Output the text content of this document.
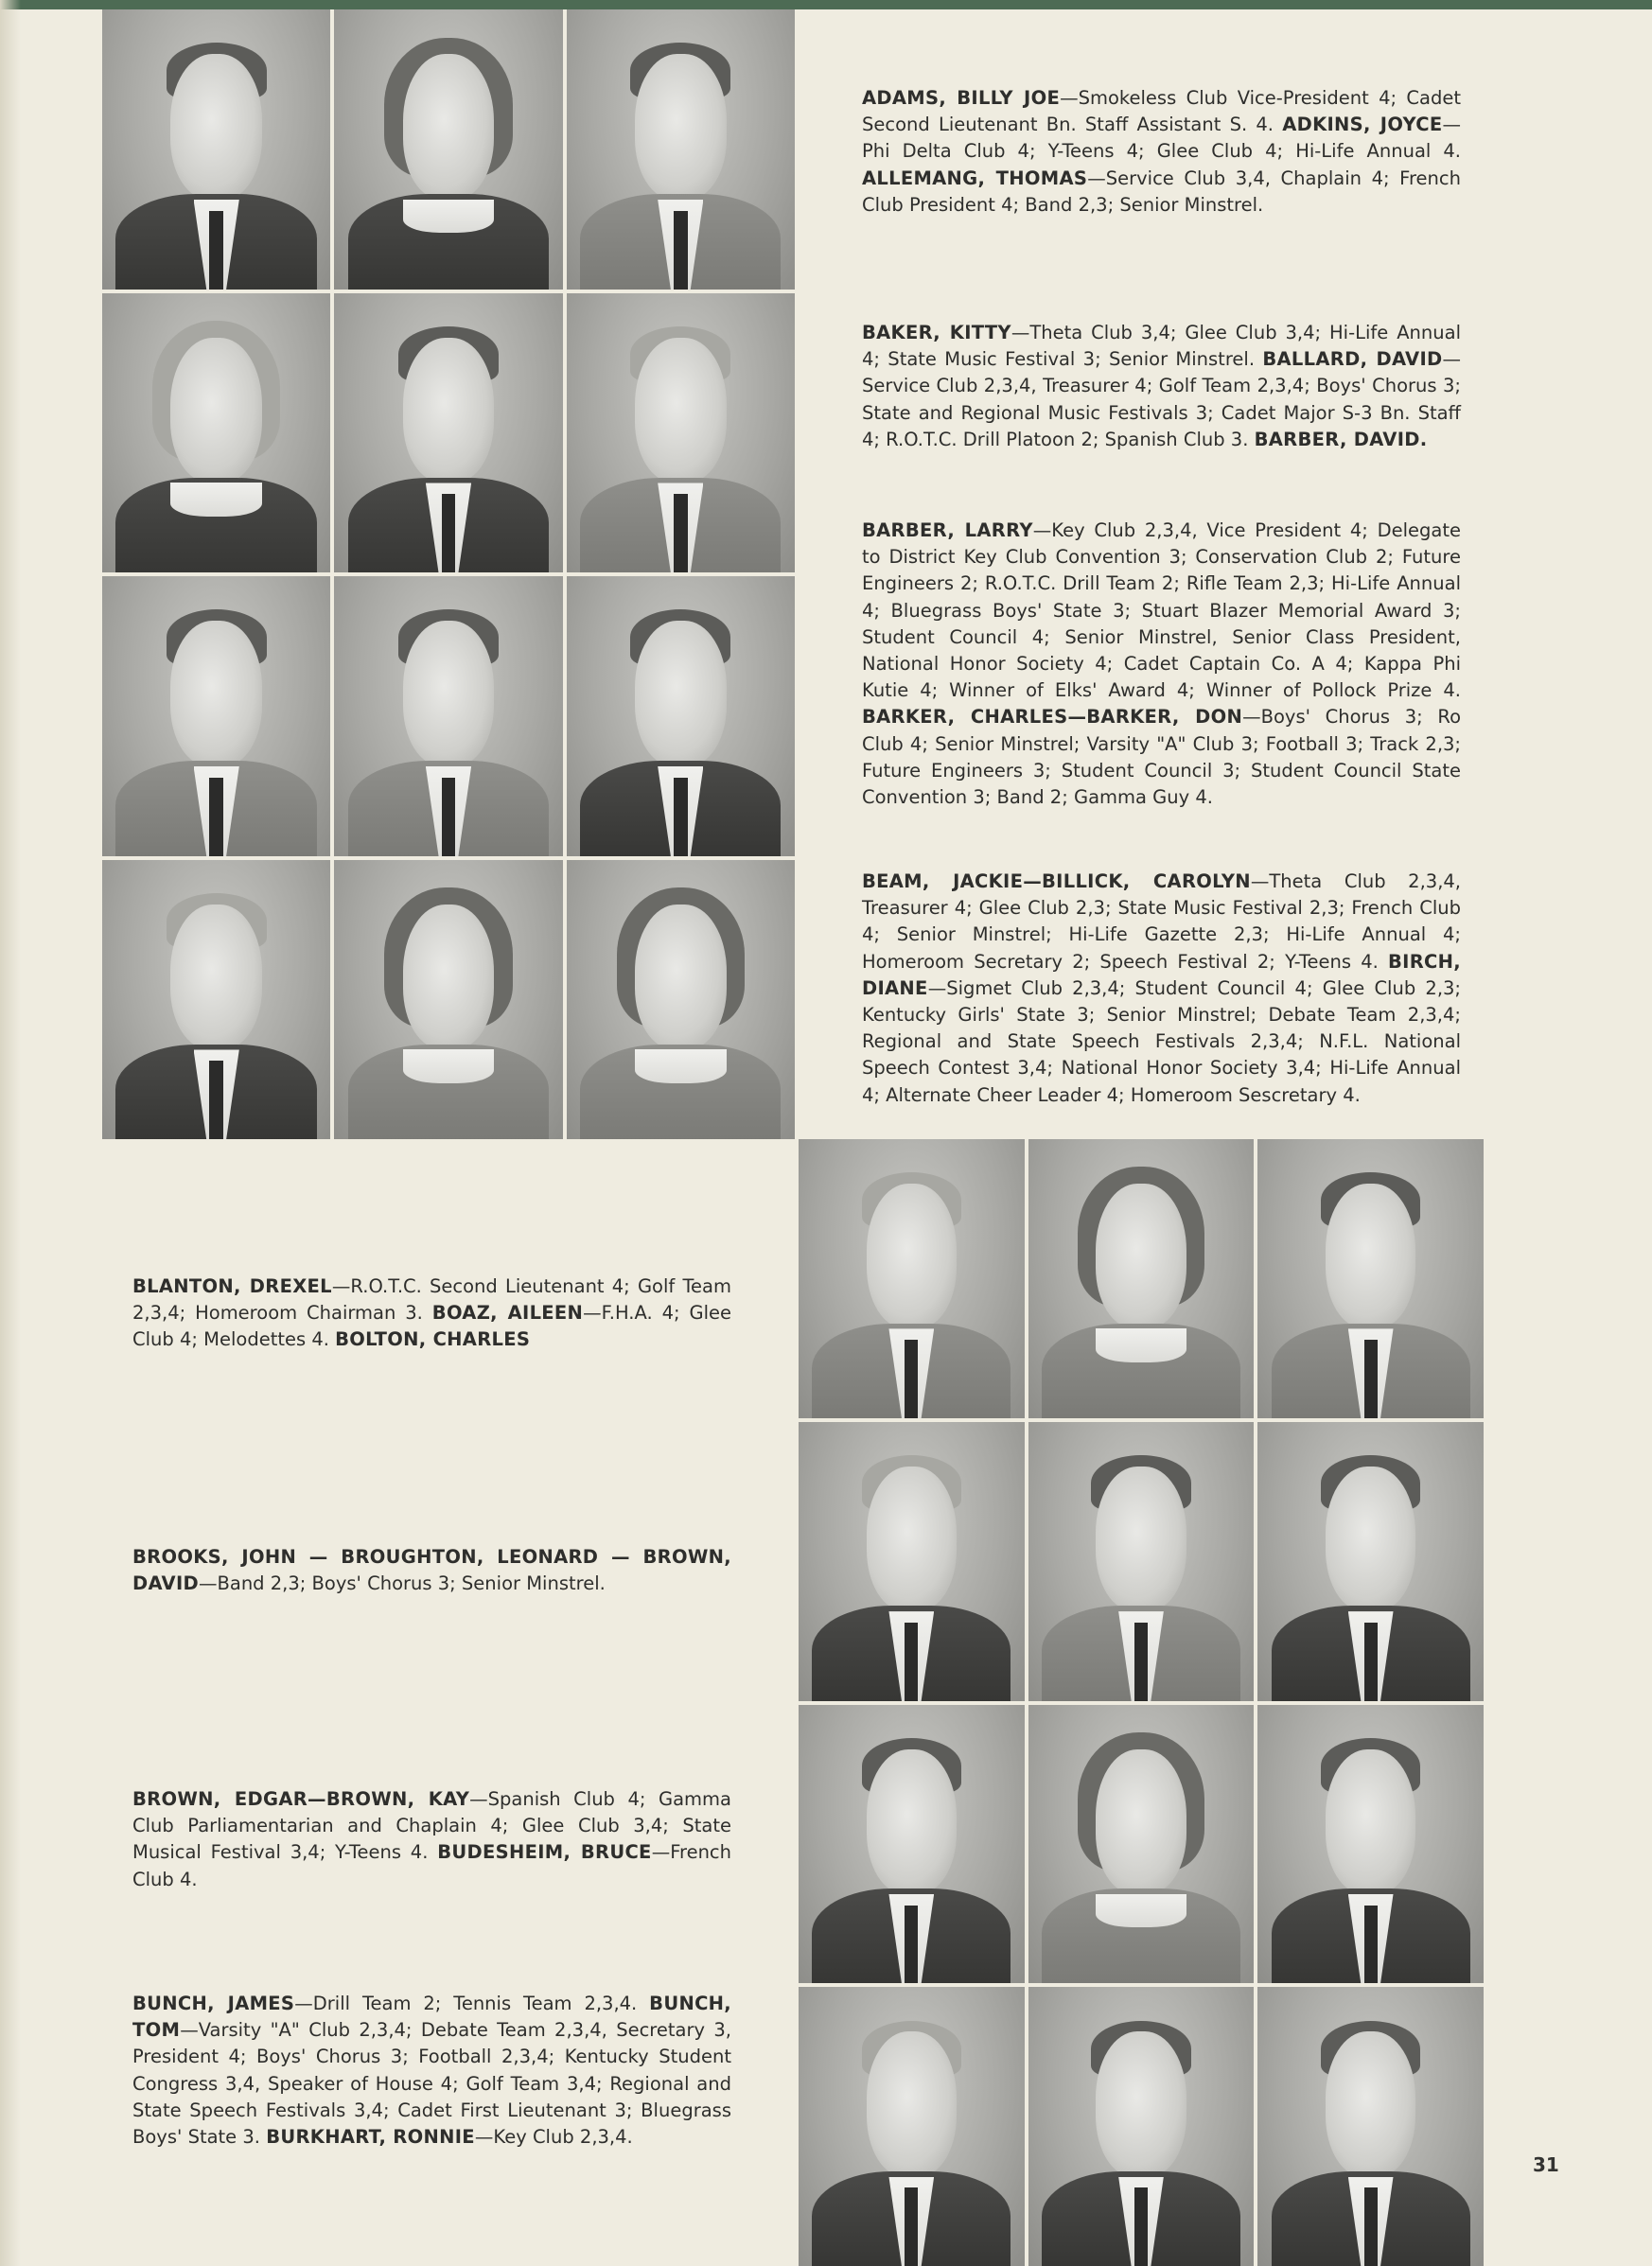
ADAMS, BILLY JOE—Smokeless Club Vice-President 4; Cadet Second Lieutenant Bn. Staff Assistant S. 4. ADKINS, JOYCE—Phi Delta Club 4; Y-Teens 4; Glee Club 4; Hi-Life Annual 4. ALLEMANG, THOMAS—Service Club 3,4, Chaplain 4; French Club President 4; Band 2,3; Senior Minstrel.
BAKER, KITTY—Theta Club 3,4; Glee Club 3,4; Hi-Life Annual 4; State Music Festival 3; Senior Minstrel. BALLARD, DAVID—Service Club 2,3,4, Treasurer 4; Golf Team 2,3,4; Boys' Chorus 3; State and Regional Music Festivals 3; Cadet Major S-3 Bn. Staff 4; R.O.T.C. Drill Platoon 2; Spanish Club 3. BARBER, DAVID.
BARBER, LARRY—Key Club 2,3,4, Vice President 4; Delegate to District Key Club Convention 3; Conservation Club 2; Future Engineers 2; R.O.T.C. Drill Team 2; Rifle Team 2,3; Hi-Life Annual 4; Bluegrass Boys' State 3; Stuart Blazer Memorial Award 3; Student Council 4; Senior Minstrel, Senior Class President, National Honor Society 4; Cadet Captain Co. A 4; Kappa Phi Kutie 4; Winner of Elks' Award 4; Winner of Pollock Prize 4. BARKER, CHARLES—BARKER, DON—Boys' Chorus 3; Ro Club 4; Senior Minstrel; Varsity "A" Club 3; Football 3; Track 2,3; Future Engineers 3; Student Council 3; Student Council State Convention 3; Band 2; Gamma Guy 4.
BEAM, JACKIE—BILLICK, CAROLYN—Theta Club 2,3,4, Treasurer 4; Glee Club 2,3; State Music Festival 2,3; French Club 4; Senior Minstrel; Hi-Life Gazette 2,3; Hi-Life Annual 4; Homeroom Secretary 2; Speech Festival 2; Y-Teens 4. BIRCH, DIANE—Sigmet Club 2,3,4; Student Council 4; Glee Club 2,3; Kentucky Girls' State 3; Senior Minstrel; Debate Team 2,3,4; Regional and State Speech Festivals 2,3,4; N.F.L. National Speech Contest 3,4; National Honor Society 3,4; Hi-Life Annual 4; Alternate Cheer Leader 4; Homeroom Sescretary 4.
BLANTON, DREXEL—R.O.T.C. Second Lieutenant 4; Golf Team 2,3,4; Homeroom Chairman 3. BOAZ, AILEEN—F.H.A. 4; Glee Club 4; Melodettes 4. BOLTON, CHARLES
BROOKS, JOHN — BROUGHTON, LEONARD — BROWN, DAVID—Band 2,3; Boys' Chorus 3; Senior Minstrel.
BROWN, EDGAR—BROWN, KAY—Spanish Club 4; Gamma Club Parliamentarian and Chaplain 4; Glee Club 3,4; State Musical Festival 3,4; Y-Teens 4. BUDESHEIM, BRUCE—French Club 4.
BUNCH, JAMES—Drill Team 2; Tennis Team 2,3,4. BUNCH, TOM—Varsity "A" Club 2,3,4; Debate Team 2,3,4, Secretary 3, President 4; Boys' Chorus 3; Football 2,3,4; Kentucky Student Congress 3,4, Speaker of House 4; Golf Team 3,4; Regional and State Speech Festivals 3,4; Cadet First Lieutenant 3; Bluegrass Boys' State 3. BURKHART, RONNIE—Key Club 2,3,4.
31
